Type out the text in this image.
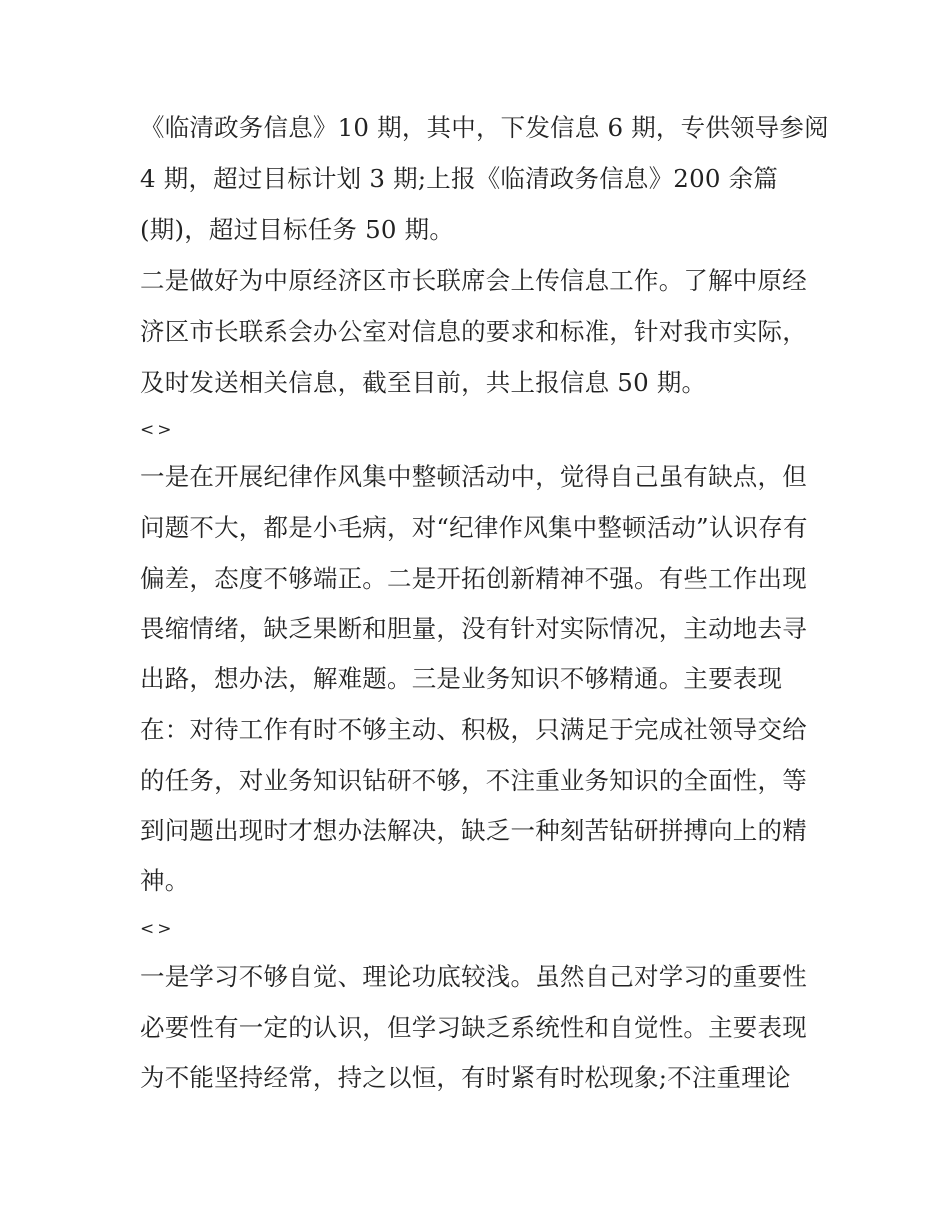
《临清政务信息》10 期，其中，下发信息 6 期，专供领导参阅
4 期，超过目标计划 3 期;上报《临清政务信息》200 余篇
(期)，超过目标任务 50 期。
二是做好为中原经济区市长联席会上传信息工作。了解中原经
济区市长联系会办公室对信息的要求和标准，针对我市实际，
及时发送相关信息，截至目前，共上报信息 50 期。
<>
一是在开展纪律作风集中整顿活动中，觉得自己虽有缺点，但
问题不大，都是小毛病，对“纪律作风集中整顿活动”认识存有
偏差，态度不够端正。二是开拓创新精神不强。有些工作出现
畏缩情绪，缺乏果断和胆量，没有针对实际情况，主动地去寻
出路，想办法，解难题。三是业务知识不够精通。主要表现
在：对待工作有时不够主动、积极，只满足于完成社领导交给
的任务，对业务知识钻研不够，不注重业务知识的全面性，等
到问题出现时才想办法解决，缺乏一种刻苦钻研拼搏向上的精
神。
<>
一是学习不够自觉、理论功底较浅。虽然自己对学习的重要性
必要性有一定的认识，但学习缺乏系统性和自觉性。主要表现
为不能坚持经常，持之以恒，有时紧有时松现象;不注重理论
